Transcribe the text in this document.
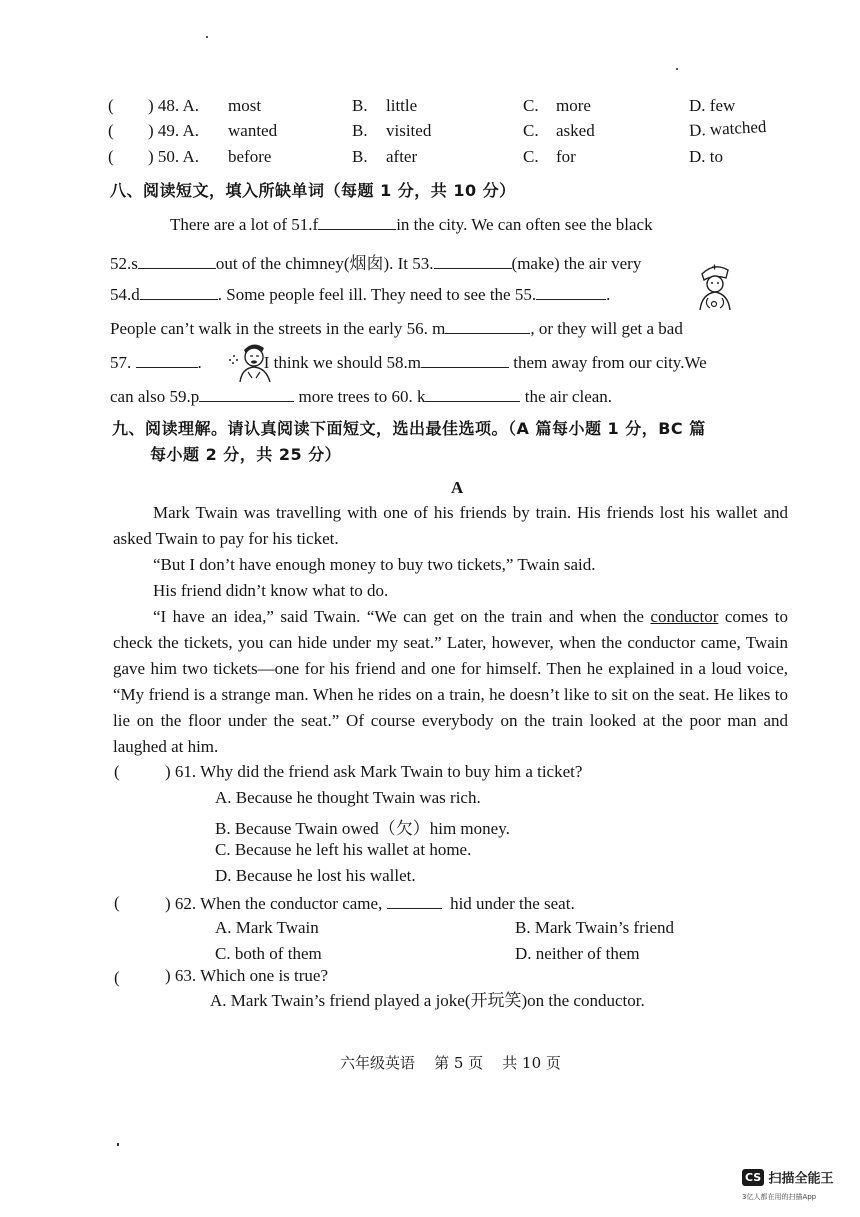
( ) 48. A. most	B. little	C. more	D. few
( ) 49. A. wanted	B. visited	C. asked	D. watched
( ) 50. A. before	B. after	C. for	D. to
八、阅读短文，填入所缺单词（每题 1 分，共 10 分）
There are a lot of 51.f	in the city. We can often see the black
52.s	out of the chimney(烟囱). It 53.	(make) the air very
54.d	. Some people feel ill. They need to see the 55.	.
People can’t walk in the streets in the early 56. m	, or they will get a bad
57.	.	I think we should 58.m	them away from our city.We
can also 59.p	more trees to 60. k	the air clean.
九、阅读理解。请认真阅读下面短文，选出最佳选项。（A 篇每小题 1 分，BC 篇
每小题 2 分，共 25 分）
A
Mark Twain was travelling with one of his friends by train. His friends lost his wallet and asked Twain to pay for his ticket.
“But I don’t have enough money to buy two tickets,” Twain said.
His friend didn’t know what to do.
“I have an idea,” said Twain. “We can get on the train and when the conductor comes to check the tickets, you can hide under my seat.” Later, however, when the conductor came, Twain gave him two tickets—one for his friend and one for himself. Then he explained in a loud voice, “My friend is a strange man. When he rides on a train, he doesn’t like to sit on the seat. He likes to lie on the floor under the seat.” Of course everybody on the train looked at the poor man and laughed at him.
(	) 61. Why did the friend ask Mark Twain to buy him a ticket?
A. Because he thought Twain was rich.
B. Because Twain owed（欠）him money.
C. Because he left his wallet at home.
D. Because he lost his wallet.
(	) 62. When the conductor came,	hid under the seat.
A. Mark Twain	B. Mark Twain’s friend
C. both of them	D. neither of them
(	) 63. Which one is true?
A. Mark Twain’s friend played a joke(开玩笑)on the conductor.
六年级英语 第 5 页 共 10 页
CS 扫描全能王
3亿人都在用的扫描App
